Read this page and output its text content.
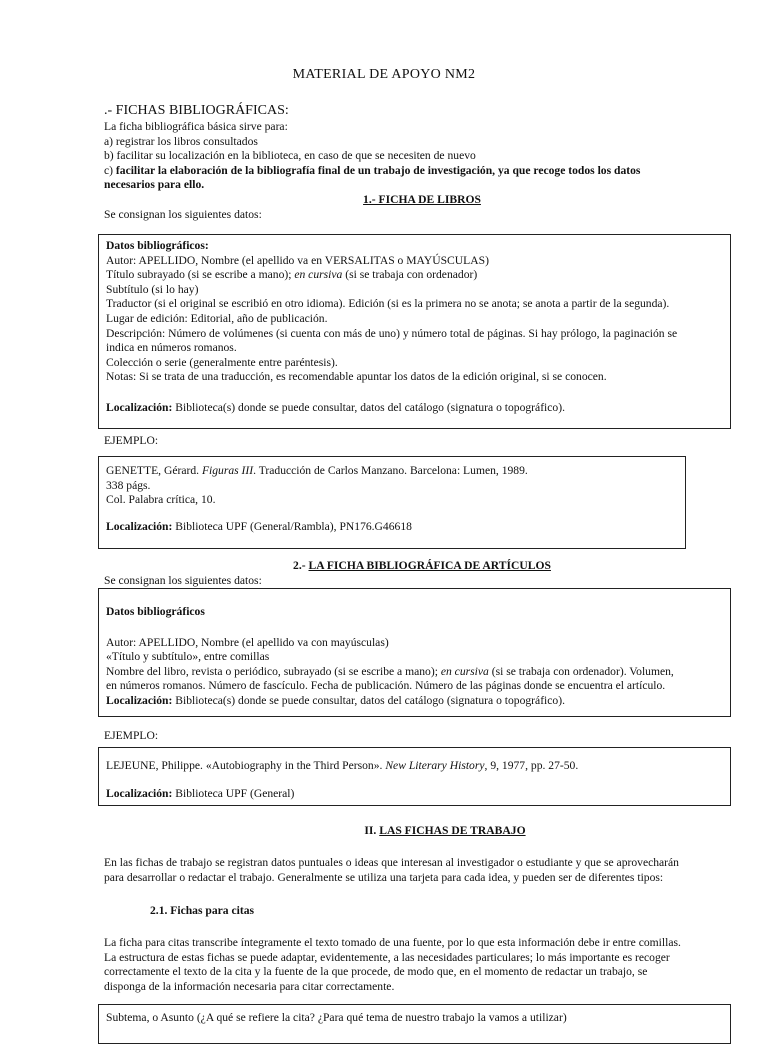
MATERIAL DE APOYO NM2
.- FICHAS BIBLIOGRÁFICAS:
La ficha bibliográfica básica sirve para:
a) registrar los libros consultados
b) facilitar su localización en la biblioteca, en caso de que se necesiten de nuevo
c) facilitar la elaboración de la bibliografía final de un trabajo de investigación, ya que recoge todos los datos
necesarios para ello.
1.- FICHA DE LIBROS
Se consignan los siguientes datos:
Datos bibliográficos:
Autor: APELLIDO, Nombre (el apellido va en VERSALITAS o MAYÚSCULAS)
Título subrayado (si se escribe a mano); en cursiva (si se trabaja con ordenador)
Subtítulo (si lo hay)
Traductor (si el original se escribió en otro idioma). Edición (si es la primera no se anota; se anota a partir de la segunda).
Lugar de edición: Editorial, año de publicación.
Descripción: Número de volúmenes (si cuenta con más de uno) y número total de páginas. Si hay prólogo, la paginación se
indica en números romanos.
Colección o serie (generalmente entre paréntesis).
Notas: Si se trata de una traducción, es recomendable apuntar los datos de la edición original, si se conocen.
Localización: Biblioteca(s) donde se puede consultar, datos del catálogo (signatura o topográfico).
EJEMPLO:
GENETTE, Gérard. Figuras III. Traducción de Carlos Manzano. Barcelona: Lumen, 1989.
338 págs.
Col. Palabra crítica, 10.
Localización: Biblioteca UPF (General/Rambla), PN176.G46618
2.- LA FICHA BIBLIOGRÁFICA DE ARTÍCULOS
Se consignan los siguientes datos:
Datos bibliográficos
Autor: APELLIDO, Nombre (el apellido va con mayúsculas)
«Título y subtítulo», entre comillas
Nombre del libro, revista o periódico, subrayado (si se escribe a mano); en cursiva (si se trabaja con ordenador). Volumen,
en números romanos. Número de fascículo. Fecha de publicación. Número de las páginas donde se encuentra el artículo.
Localización: Biblioteca(s) donde se puede consultar, datos del catálogo (signatura o topográfico).
EJEMPLO:
LEJEUNE, Philippe. «Autobiography in the Third Person». New Literary History, 9, 1977, pp. 27-50.
Localización: Biblioteca UPF (General)
II. LAS FICHAS DE TRABAJO
En las fichas de trabajo se registran datos puntuales o ideas que interesan al investigador o estudiante y que se aprovecharán
para desarrollar o redactar el trabajo. Generalmente se utiliza una tarjeta para cada idea, y pueden ser de diferentes tipos:
2.1. Fichas para citas
La ficha para citas transcribe íntegramente el texto tomado de una fuente, por lo que esta información debe ir entre comillas.
La estructura de estas fichas se puede adaptar, evidentemente, a las necesidades particulares; lo más importante es recoger
correctamente el texto de la cita y la fuente de la que procede, de modo que, en el momento de redactar un trabajo, se
disponga de la información necesaria para citar correctamente.
Subtema, o Asunto (¿A qué se refiere la cita? ¿Para qué tema de nuestro trabajo la vamos a utilizar)
